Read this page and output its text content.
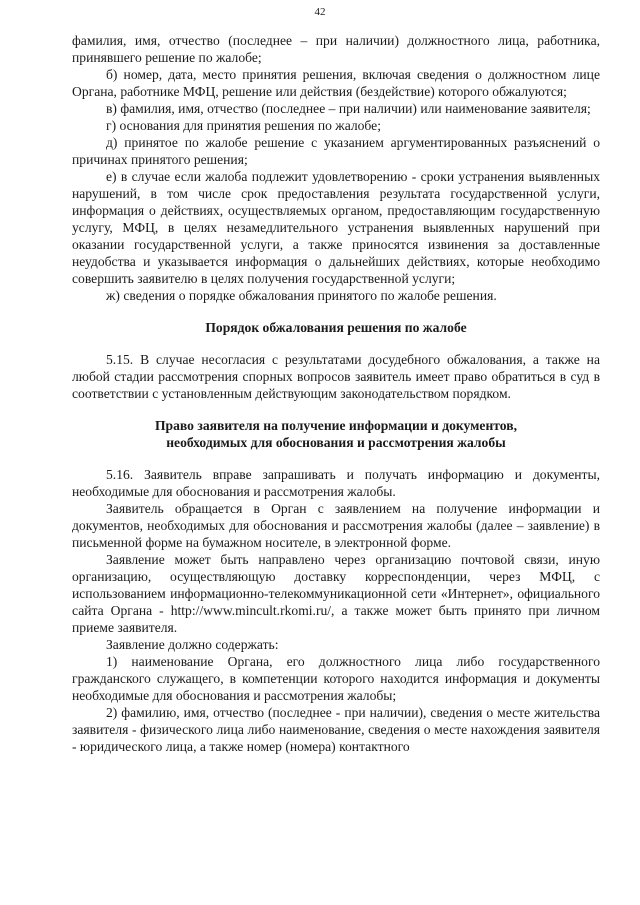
42

фамилия, имя, отчество (последнее – при наличии) должностного лица, работника, принявшего решение по жалобе;

б) номер, дата, место принятия решения, включая сведения о должностном лице Органа, работнике МФЦ, решение или действия (бездействие) которого обжалуются;

в) фамилия, имя, отчество (последнее – при наличии) или наименование заявителя;

г) основания для принятия решения по жалобе;

д) принятое по жалобе решение с указанием аргументированных разъяснений о причинах принятого решения;

е) в случае если жалоба подлежит удовлетворению - сроки устранения выявленных нарушений, в том числе срок предоставления результата государственной услуги, информация о действиях, осуществляемых органом, предоставляющим государственную услугу, МФЦ, в целях незамедлительного устранения выявленных нарушений при оказании государственной услуги, а также приносятся извинения за доставленные неудобства и указывается информация о дальнейших действиях, которые необходимо совершить заявителю в целях получения государственной услуги;

ж) сведения о порядке обжалования принятого по жалобе решения.

Порядок обжалования решения по жалобе

5.15. В случае несогласия с результатами досудебного обжалования, а также на любой стадии рассмотрения спорных вопросов заявитель имеет право обратиться в суд в соответствии с установленным действующим законодательством порядком.

Право заявителя на получение информации и документов,
необходимых для обоснования и рассмотрения жалобы

5.16. Заявитель вправе запрашивать и получать информацию и документы, необходимые для обоснования и рассмотрения жалобы.

Заявитель обращается в Орган с заявлением на получение информации и документов, необходимых для обоснования и рассмотрения жалобы (далее – заявление) в письменной форме на бумажном носителе, в электронной форме.

Заявление может быть направлено через организацию почтовой связи, иную организацию, осуществляющую доставку корреспонденции, через МФЦ, с использованием информационно-телекоммуникационной сети «Интернет», официального сайта Органа - http://www.mincult.rkomi.ru/, а также может быть принято при личном приеме заявителя.

Заявление должно содержать:

1) наименование Органа, его должностного лица либо государственного гражданского служащего, в компетенции которого находится информация и документы необходимые для обоснования и рассмотрения жалобы;

2) фамилию, имя, отчество (последнее - при наличии), сведения о месте жительства заявителя - физического лица либо наименование, сведения о месте нахождения заявителя - юридического лица, а также номер (номера) контактного
